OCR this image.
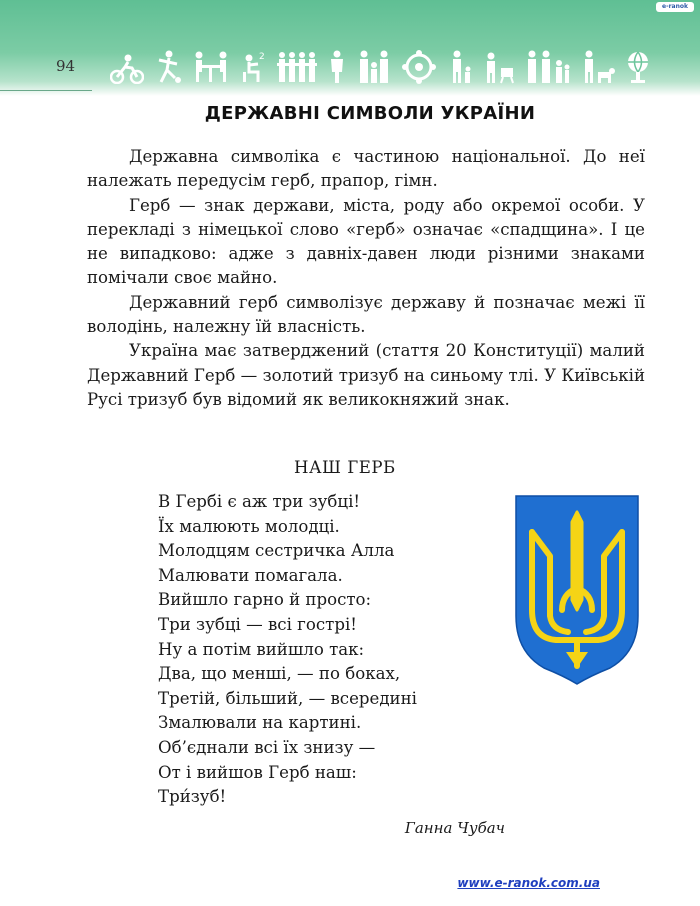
e-ranok
94	2
ДЕРЖАВНІ СИМВОЛИ УКРАЇНИ

Державна символіка є частиною національної. До неї належать передусім герб, прапор, гімн.

Герб — знак держави, міста, роду або окремої особи. У перекладі з німецької слово «герб» означає «спадщина». І це не випадково: адже з давніх-давен люди різними знаками помічали своє майно.

Державний герб символізує державу й позначає межі її володінь, належну їй власність.

Україна має затверджений (стаття 20 Конституції) малий Державний Герб — золотий тризуб на синьому тлі. У Київській Русі тризуб був відомий як великокняжий знак.

НАШ ГЕРБ
В Гербі є аж три зубці!
Їх малюють молодці.
Молодцям сестричка Алла
Малювати помагала.
Вийшло гарно й просто:
Три зубці — всі гострі!
Ну а потім вийшло так:
Два, що менші, — по боках,
Третій, більший, — всередині
Змалювали на картині.
Об’єднали всі їх знизу —
От і вийшов Герб наш:
Три́зуб!
Ганна Чубач
www.e-ranok.com.ua
